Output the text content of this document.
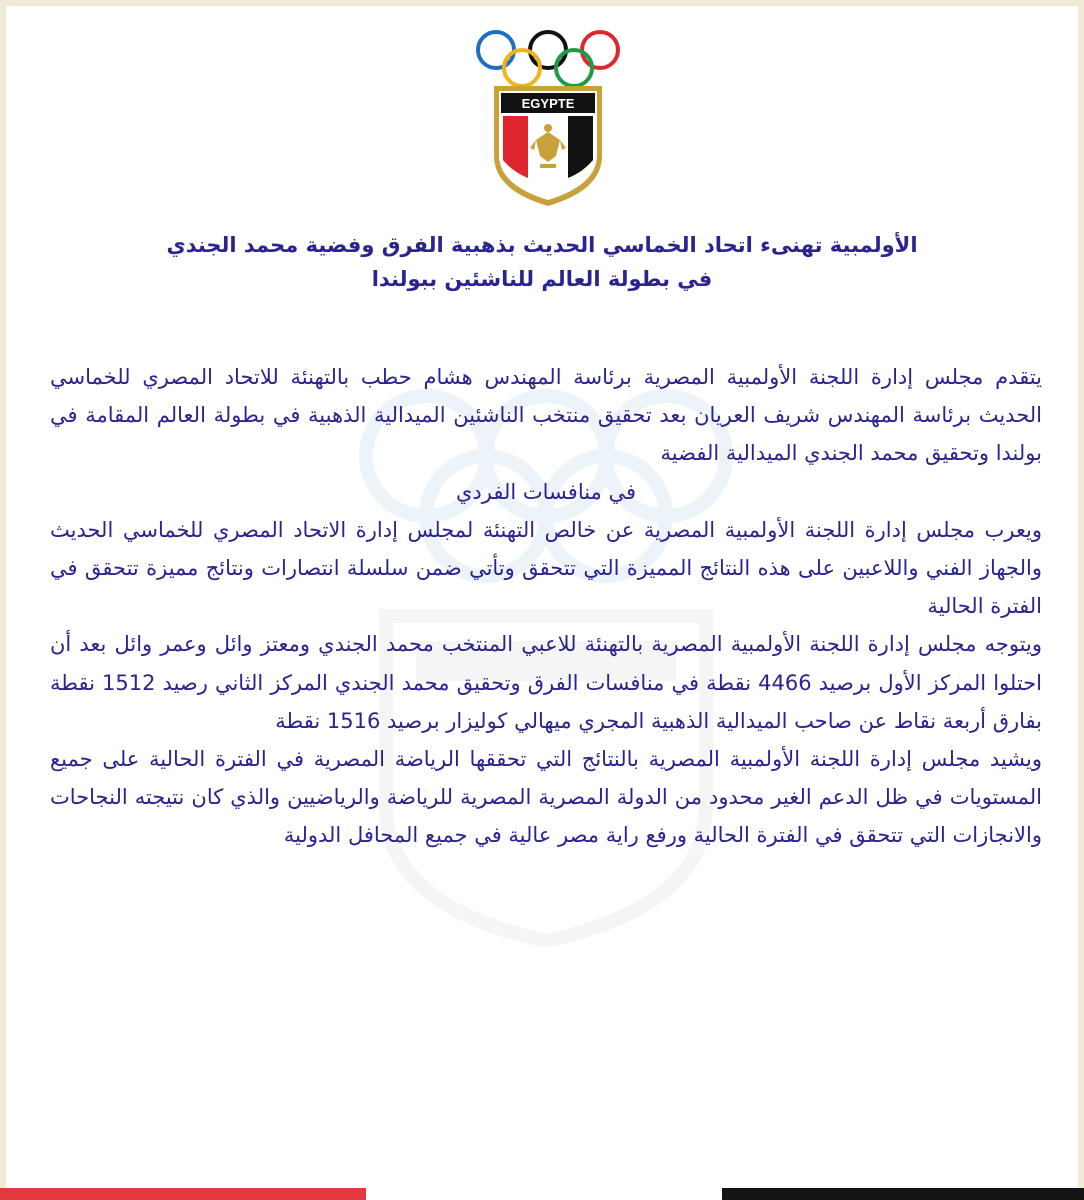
EGYPTE
الأولمبية تهنىء اتحاد الخماسي الحديث بذهبية الفرق وفضية محمد الجندي
في بطولة العالم للناشئين ببولندا

يتقدم مجلس إدارة اللجنة الأولمبية المصرية برئاسة المهندس هشام حطب بالتهنئة للاتحاد المصري للخماسي الحديث برئاسة المهندس شريف العريان بعد تحقيق منتخب الناشئين الميدالية الذهبية في بطولة العالم المقامة في بولندا وتحقيق محمد الجندي الميدالية الفضية

في منافسات الفردي

ويعرب مجلس إدارة اللجنة الأولمبية المصرية عن خالص التهنئة لمجلس إدارة الاتحاد المصري للخماسي الحديث والجهاز الفني واللاعبين على هذه النتائج المميزة التي تتحقق وتأتي ضمن سلسلة انتصارات ونتائج مميزة تتحقق في الفترة الحالية

ويتوجه مجلس إدارة اللجنة الأولمبية المصرية بالتهنئة للاعبي المنتخب محمد الجندي ومعتز وائل وعمر وائل بعد أن احتلوا المركز الأول برصيد 4466 نقطة في منافسات الفرق وتحقيق محمد الجندي المركز الثاني رصيد 1512 نقطة بفارق أربعة نقاط عن صاحب الميدالية الذهبية المجري ميهالي كوليزار برصيد 1516 نقطة

ويشيد مجلس إدارة اللجنة الأولمبية المصرية بالنتائج التي تحققها الرياضة المصرية في الفترة الحالية على جميع المستويات في ظل الدعم الغير محدود من الدولة المصرية المصرية للرياضة والرياضيين والذي كان نتيجته النجاحات والانجازات التي تتحقق في الفترة الحالية ورفع راية مصر عالية في جميع المحافل الدولية
